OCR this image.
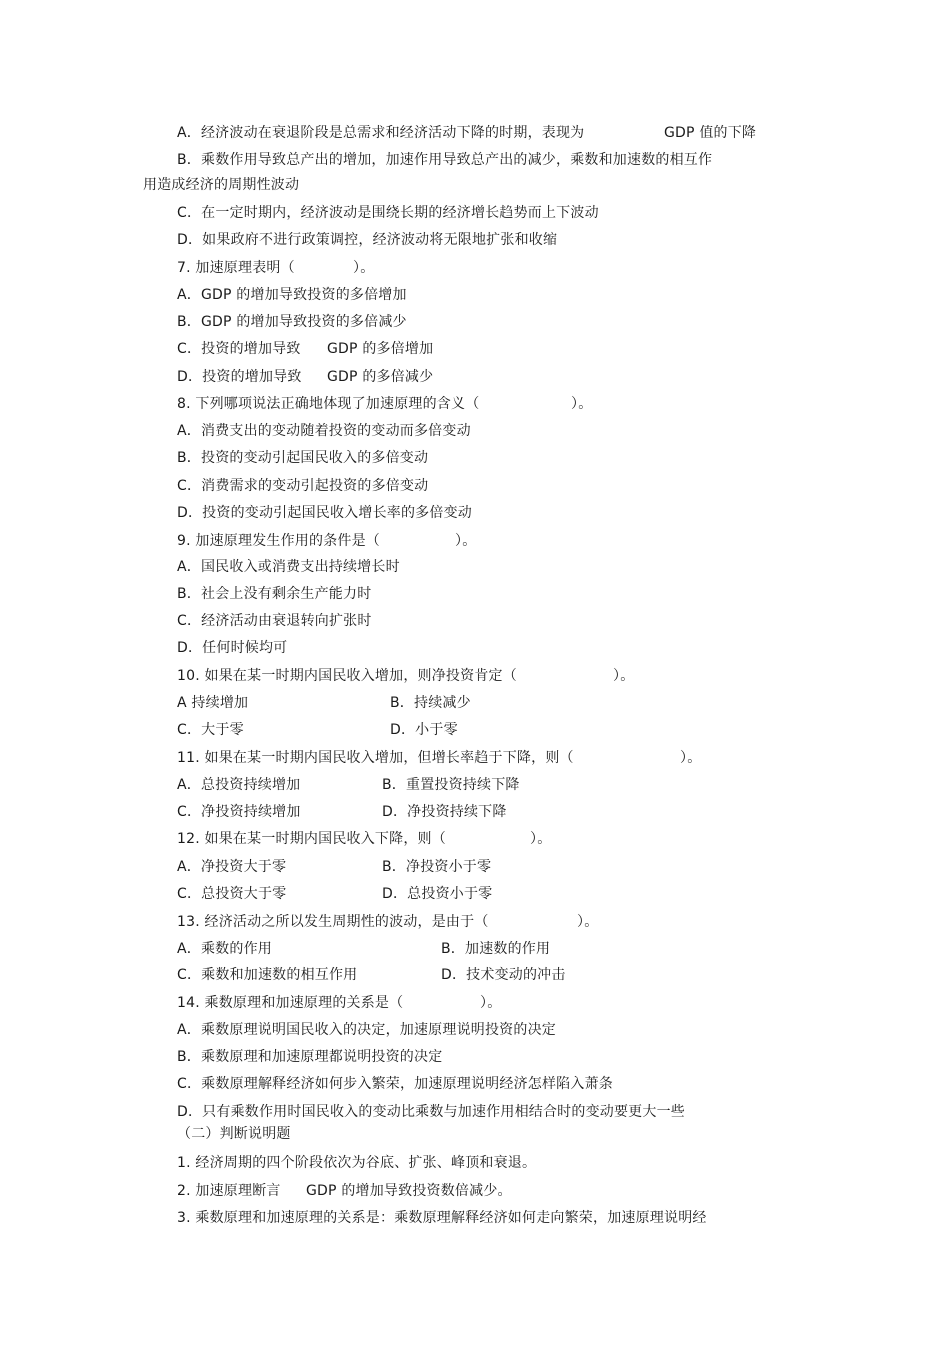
A．经济波动在衰退阶段是总需求和经济活动下降的时期，表现为	GDP 值的下降
B．乘数作用导致总产出的增加，加速作用导致总产出的减少，乘数和加速数的相互作
用造成经济的周期性波动
C．在一定时期内，经济波动是围绕长期的经济增长趋势而上下波动
D．如果政府不进行政策调控，经济波动将无限地扩张和收缩
7. 加速原理表明（	）。
A．GDP 的增加导致投资的多倍增加
B．GDP 的增加导致投资的多倍减少
C．投资的增加导致 GDP 的多倍增加
D．投资的增加导致 GDP 的多倍减少
8. 下列哪项说法正确地体现了加速原理的含义（	）。
A．消费支出的变动随着投资的变动而多倍变动
B．投资的变动引起国民收入的多倍变动
C．消费需求的变动引起投资的多倍变动
D．投资的变动引起国民收入增长率的多倍变动
9. 加速原理发生作用的条件是（	）。
A．国民收入或消费支出持续增长时
B．社会上没有剩余生产能力时
C．经济活动由衰退转向扩张时
D．任何时候均可
10. 如果在某一时期内国民收入增加，则净投资肯定（	）。
A 持续增加	B．持续减少
C．大于零	D．小于零
11. 如果在某一时期内国民收入增加，但增长率趋于下降，则（	）。
A．总投资持续增加	B．重置投资持续下降
C．净投资持续增加	D．净投资持续下降
12. 如果在某一时期内国民收入下降，则（	）。
A．净投资大于零	B．净投资小于零
C．总投资大于零	D．总投资小于零
13. 经济活动之所以发生周期性的波动，是由于（	）。
A．乘数的作用	B．加速数的作用
C．乘数和加速数的相互作用	D．技术变动的冲击
14. 乘数原理和加速原理的关系是（	）。
A．乘数原理说明国民收入的决定，加速原理说明投资的决定
B．乘数原理和加速原理都说明投资的决定
C．乘数原理解释经济如何步入繁荣，加速原理说明经济怎样陷入萧条
D．只有乘数作用时国民收入的变动比乘数与加速作用相结合时的变动要更大一些
（二）判断说明题
1. 经济周期的四个阶段依次为谷底、扩张、峰顶和衰退。
2. 加速原理断言 GDP 的增加导致投资数倍减少。
3. 乘数原理和加速原理的关系是：乘数原理解释经济如何走向繁荣，加速原理说明经
